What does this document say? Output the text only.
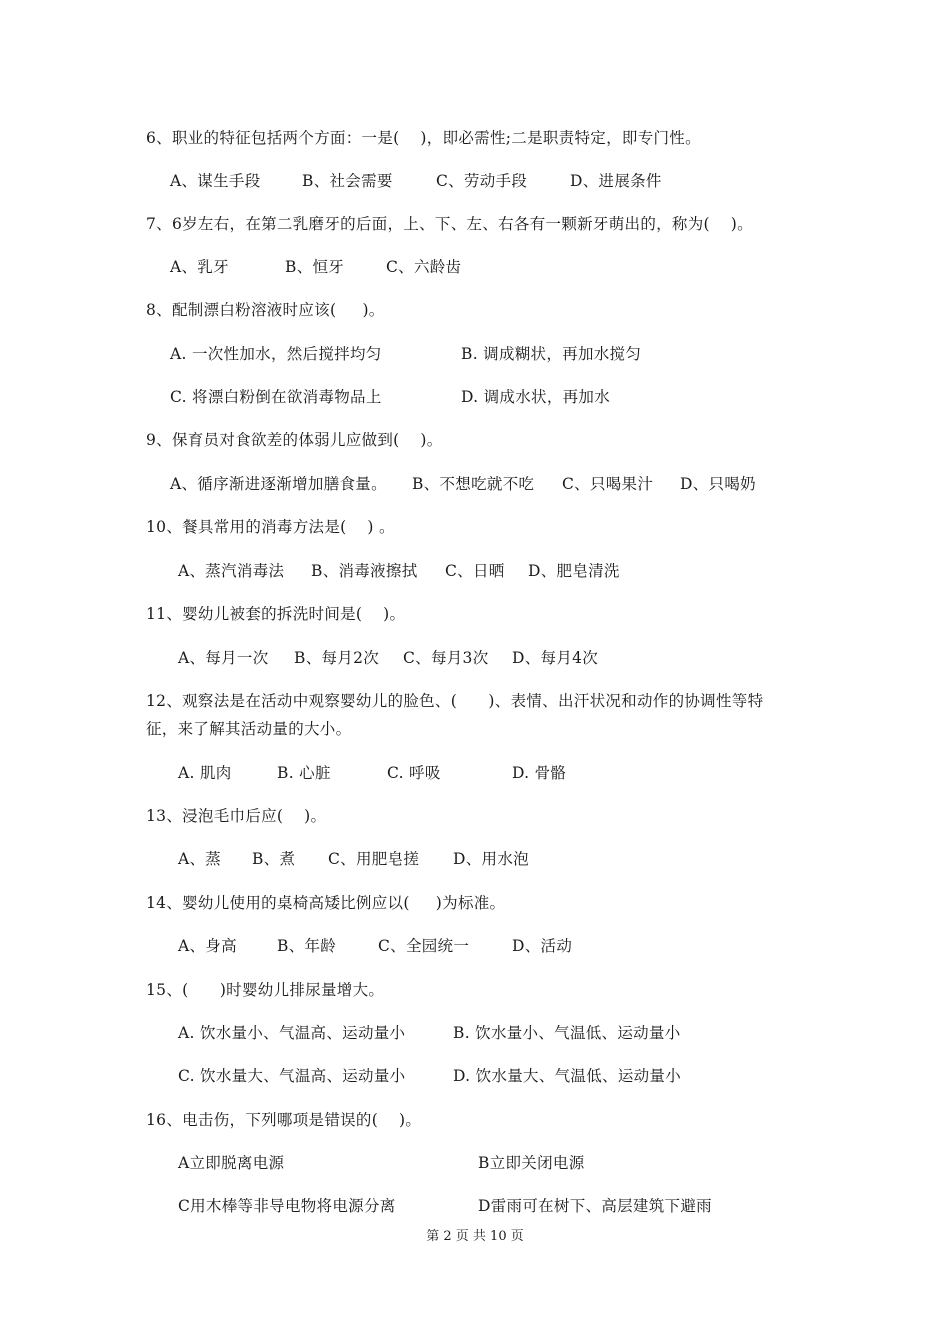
6、职业的特征包括两个方面：一是(    )，即必需性;二是职责特定，即专门性。
A、谋生手段	B、社会需要	C、劳动手段	D、进展条件
7、6岁左右，在第二乳磨牙的后面，上、下、左、右各有一颗新牙萌出的，称为(    )。
A、乳牙	B、恒牙	C、六龄齿
8、配制漂白粉溶液时应该(     )。
A. 一次性加水，然后搅拌均匀	B. 调成糊状，再加水搅匀
C. 将漂白粉倒在欲消毒物品上	D. 调成水状，再加水
9、保育员对食欲差的体弱儿应做到(    )。
A、循序渐进逐渐增加膳食量。 B、不想吃就不吃 C、只喝果汁 D、只喝奶
10、餐具常用的消毒方法是(    ) 。
A、蒸汽消毒法 B、消毒液擦拭 C、日晒 D、肥皂清洗
11、婴幼儿被套的拆洗时间是(    )。
A、每月一次 B、每月2次 C、每月3次 D、每月4次
12、观察法是在活动中观察婴幼儿的脸色、(      )、表情、出汗状况和动作的协调性等特
征，来了解其活动量的大小。
A. 肌肉	B. 心脏	C. 呼吸	D. 骨骼
13、浸泡毛巾后应(    )。
A、蒸 B、煮 C、用肥皂搓 D、用水泡
14、婴幼儿使用的桌椅高矮比例应以(     )为标准。
A、身高	B、年龄	C、全园统一	D、活动
15、(      )时婴幼儿排尿量增大。
A. 饮水量小、气温高、运动量小	B. 饮水量小、气温低、运动量小
C. 饮水量大、气温高、运动量小	D. 饮水量大、气温低、运动量小
16、电击伤，下列哪项是错误的(    )。
A立即脱离电源	B立即关闭电源
C用木棒等非导电物将电源分离	D雷雨可在树下、高层建筑下避雨
第 2 页 共 10 页
